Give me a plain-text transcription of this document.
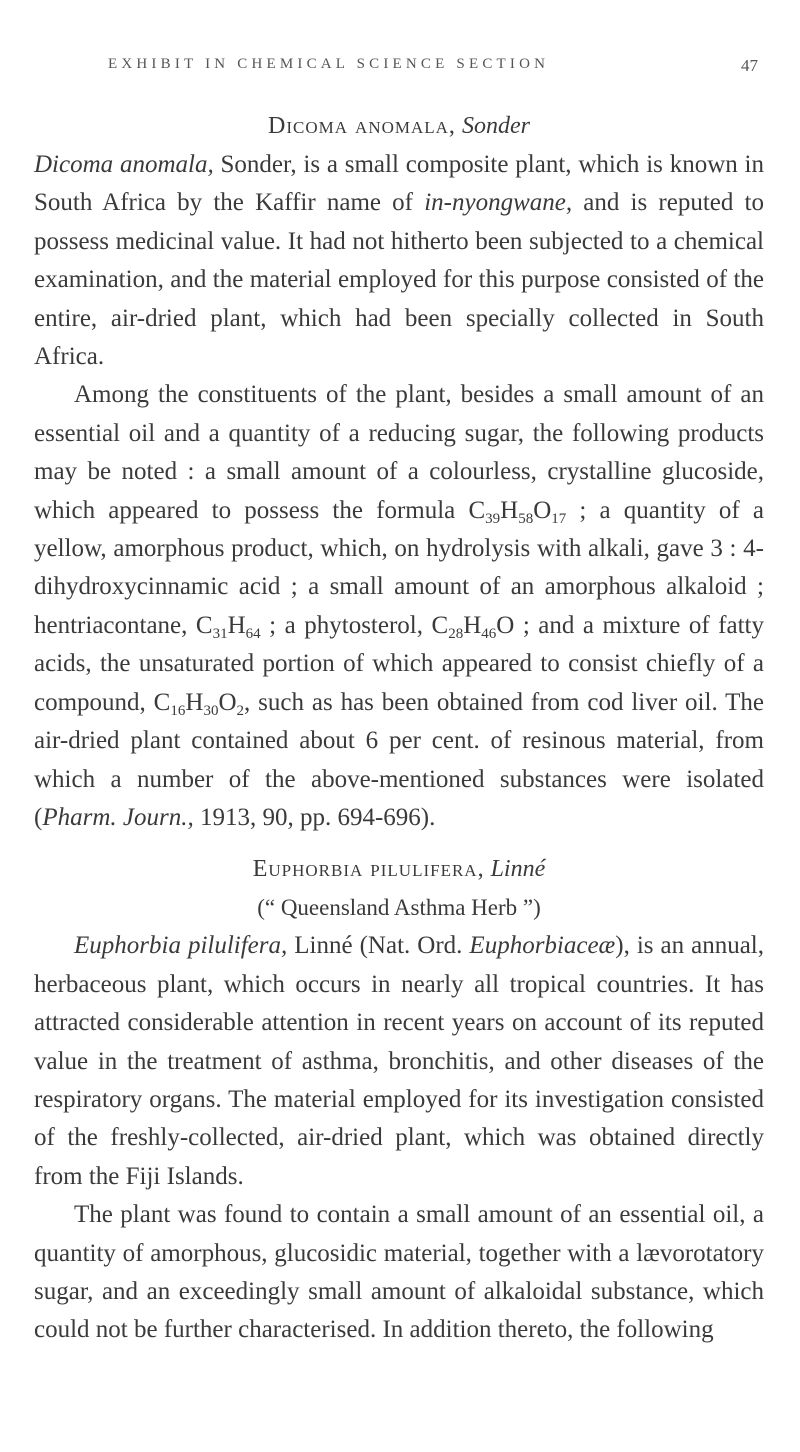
EXHIBIT IN CHEMICAL SCIENCE SECTION	47
Dicoma anomala, Sonder

Dicoma anomala, Sonder, is a small composite plant, which is known in South Africa by the Kaffir name of in-nyongwane, and is reputed to possess medicinal value. It had not hitherto been subjected to a chemical examination, and the material employed for this purpose consisted of the entire, air-dried plant, which had been specially collected in South Africa.

Among the constituents of the plant, besides a small amount of an essential oil and a quantity of a reducing sugar, the following products may be noted : a small amount of a colourless, crystalline glucoside, which appeared to possess the formula $C_{39}H_{58}O_{17}$ ; a quantity of a yellow, amorphous product, which, on hydrolysis with alkali, gave 3 : 4-dihydroxycinnamic acid ; a small amount of an amorphous alkaloid ; hentriacontane, $C_{31}H_{64}$ ; a phytosterol, $C_{28}H_{46}O$ ; and a mixture of fatty acids, the unsaturated portion of which appeared to consist chiefly of a compound, $C_{16}H_{30}O_2$, such as has been obtained from cod liver oil. The air-dried plant contained about 6 per cent. of resinous material, from which a number of the above-mentioned substances were isolated (Pharm. Journ., 1913, 90, pp. 694-696).

Euphorbia pilulifera, Linné
(“ Queensland Asthma Herb ”)

Euphorbia pilulifera, Linné (Nat. Ord. Euphorbiaceæ), is an annual, herbaceous plant, which occurs in nearly all tropical countries. It has attracted considerable attention in recent years on account of its reputed value in the treatment of asthma, bronchitis, and other diseases of the respiratory organs. The material employed for its investigation consisted of the freshly-collected, air-dried plant, which was obtained directly from the Fiji Islands.

The plant was found to contain a small amount of an essential oil, a quantity of amorphous, glucosidic material, together with a lævorotatory sugar, and an exceedingly small amount of alkaloidal substance, which could not be further characterised. In addition thereto, the following
